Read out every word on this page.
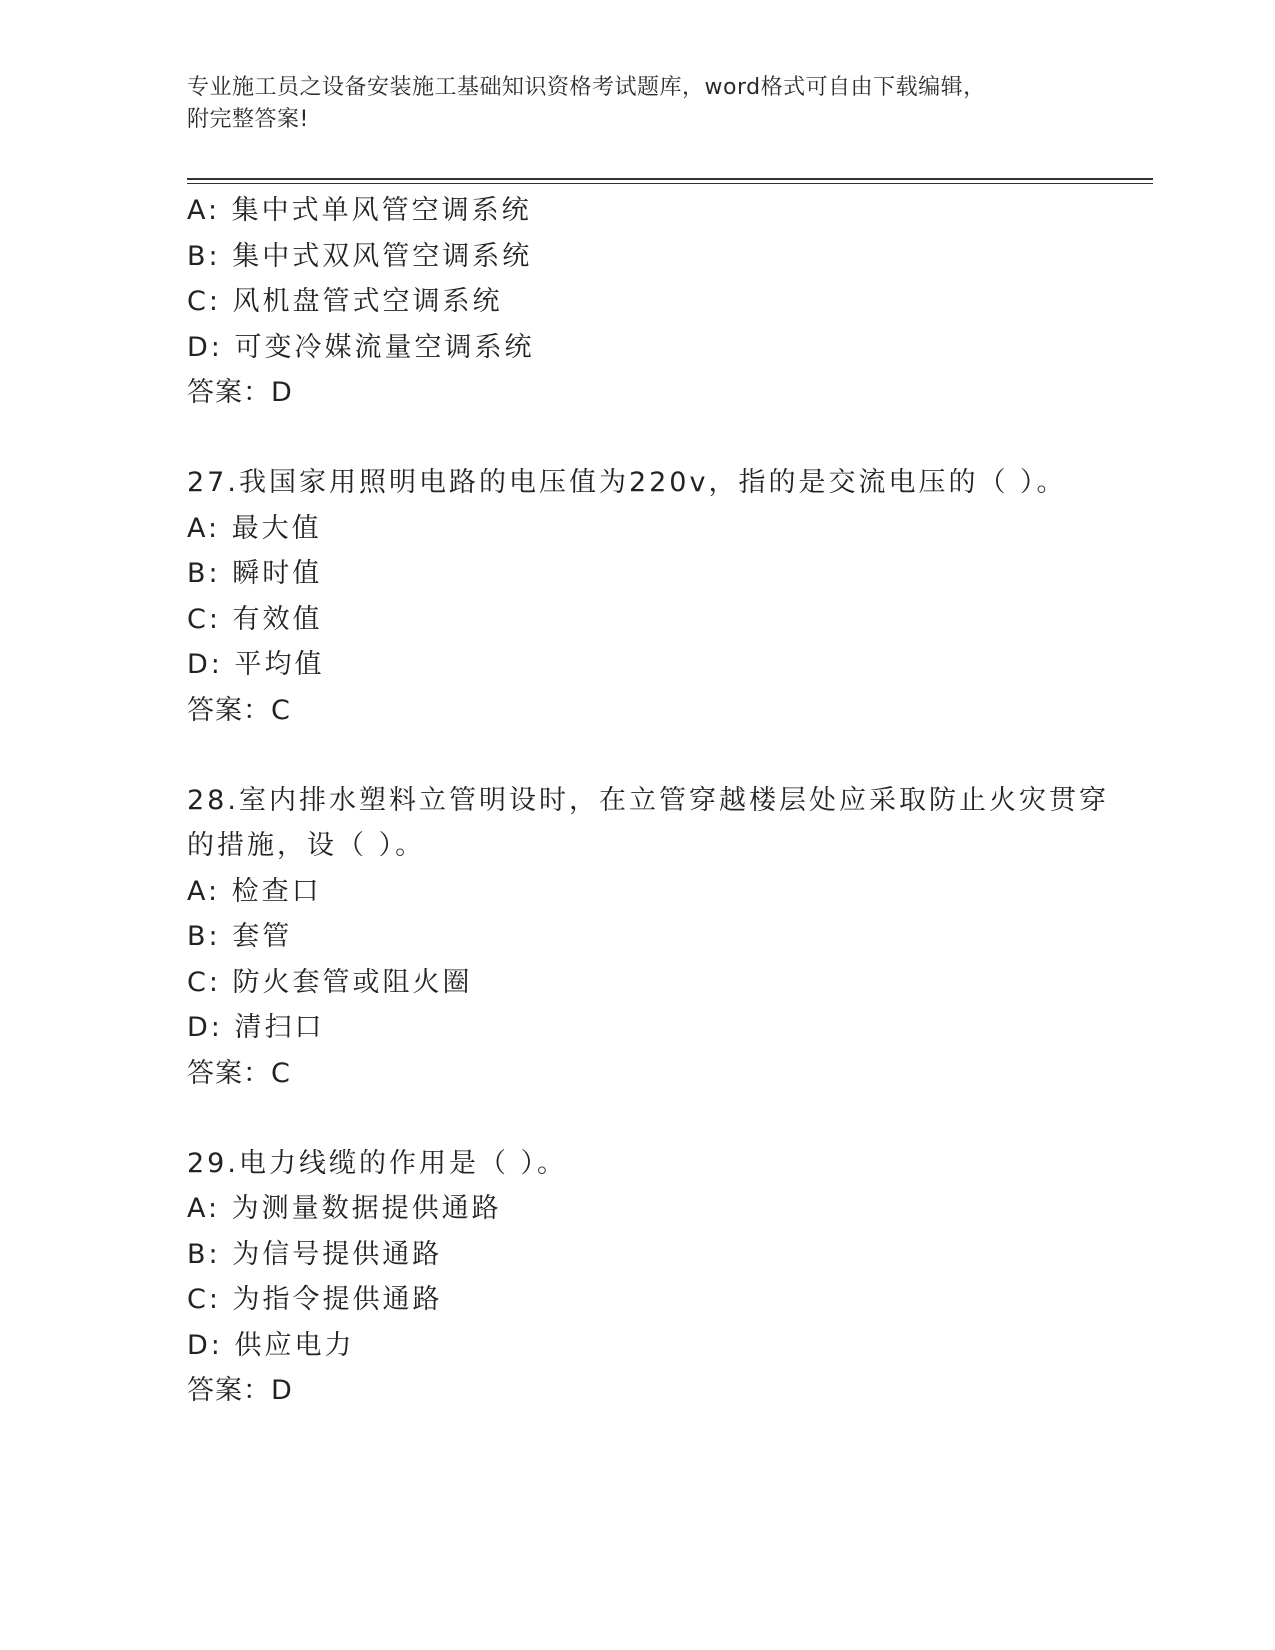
专业施工员之设备安装施工基础知识资格考试题库，word格式可自由下载编辑，
附完整答案!
A: 集中式单风管空调系统
B: 集中式双风管空调系统
C: 风机盘管式空调系统
D: 可变冷媒流量空调系统
答案：D
27.我国家用照明电路的电压值为220v，指的是交流电压的（ ）。
A: 最大值
B: 瞬时值
C: 有效值
D: 平均值
答案：C
28.室内排水塑料立管明设时，在立管穿越楼层处应采取防止火灾贯穿
的措施，设（ ）。
A: 检查口
B: 套管
C: 防火套管或阻火圈
D: 清扫口
答案：C
29.电力线缆的作用是（ ）。
A: 为测量数据提供通路
B: 为信号提供通路
C: 为指令提供通路
D: 供应电力
答案：D
